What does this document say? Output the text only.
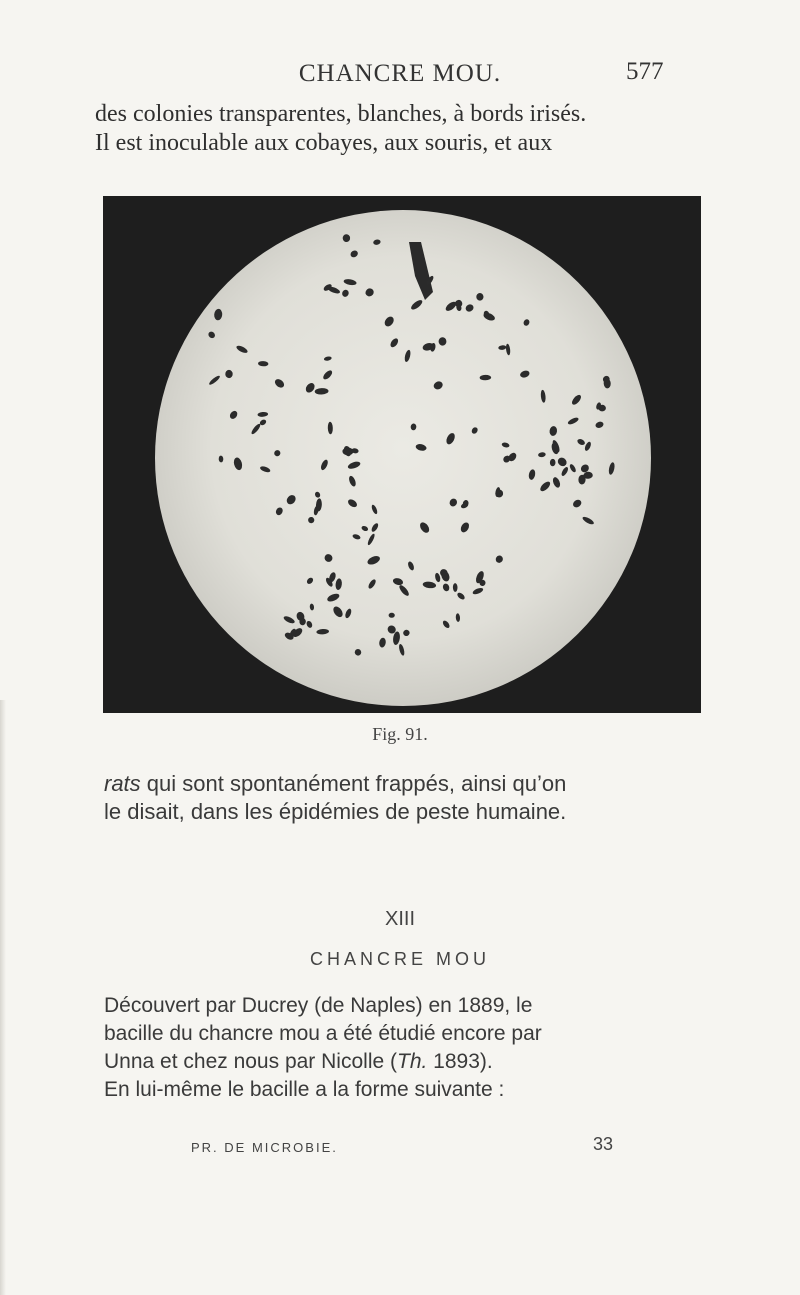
CHANCRE MOU.	577
des colonies transparentes, blanches, à bords irisés.
Il est inoculable aux cobayes, aux souris, et aux
Fig. 91.
rats qui sont spontanément frappés, ainsi qu’on
le disait, dans les épidémies de peste humaine.
XIII
CHANCRE MOU
Découvert par Ducrey (de Naples) en 1889, le
bacille du chancre mou a été étudié encore par
Unna et chez nous par Nicolle (Th. 1893).
En lui-même le bacille a la forme suivante :
PR. DE MICROBIE.	33
